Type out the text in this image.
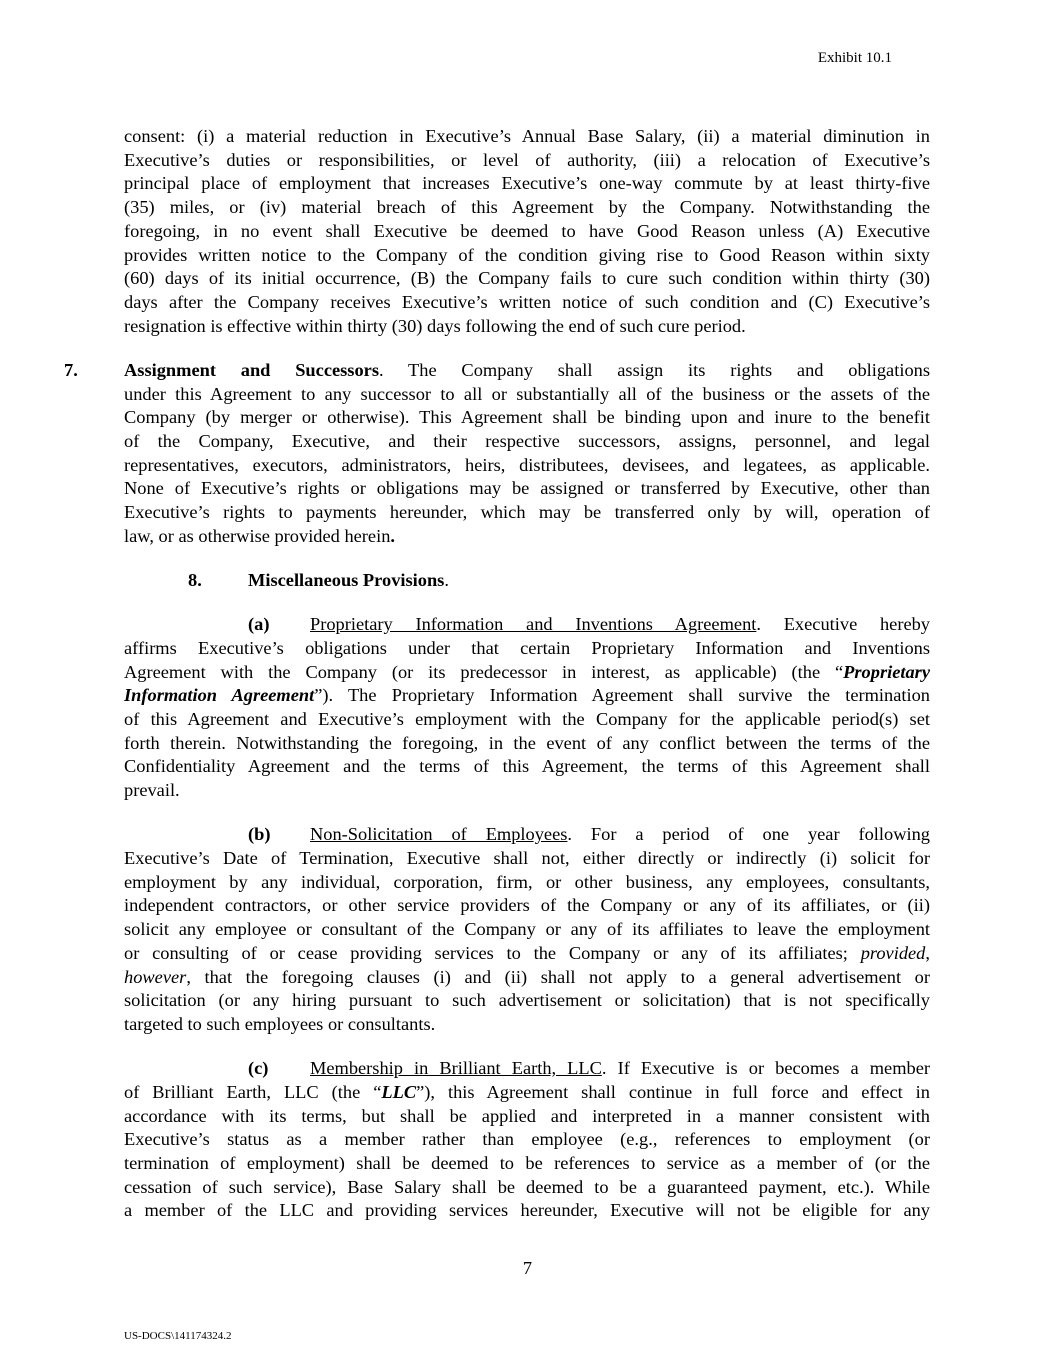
Exhibit 10.1
consent: (i) a material reduction in Executive’s Annual Base Salary, (ii) a material diminution in
Executive’s duties or responsibilities, or level of authority, (iii) a relocation of Executive’s
principal place of employment that increases Executive’s one-way commute by at least thirty-five
(35) miles, or (iv) material breach of this Agreement by the Company. Notwithstanding the
foregoing, in no event shall Executive be deemed to have Good Reason unless (A) Executive
provides written notice to the Company of the condition giving rise to Good Reason within sixty
(60) days of its initial occurrence, (B) the Company fails to cure such condition within thirty (30)
days after the Company receives Executive’s written notice of such condition and (C) Executive’s
resignation is effective within thirty (30) days following the end of such cure period.
7.	Assignment and Successors. The Company shall assign its rights and obligations
under this Agreement to any successor to all or substantially all of the business or the assets of the
Company (by merger or otherwise). This Agreement shall be binding upon and inure to the benefit
of the Company, Executive, and their respective successors, assigns, personnel, and legal
representatives, executors, administrators, heirs, distributees, devisees, and legatees, as applicable.
None of Executive’s rights or obligations may be assigned or transferred by Executive, other than
Executive’s rights to payments hereunder, which may be transferred only by will, operation of
law, or as otherwise provided herein.
8.	Miscellaneous Provisions.
(a) Proprietary Information and Inventions Agreement. Executive hereby
affirms Executive’s obligations under that certain Proprietary Information and Inventions
Agreement with the Company (or its predecessor in interest, as applicable) (the “Proprietary
Information Agreement”). The Proprietary Information Agreement shall survive the termination
of this Agreement and Executive’s employment with the Company for the applicable period(s) set
forth therein. Notwithstanding the foregoing, in the event of any conflict between the terms of the
Confidentiality Agreement and the terms of this Agreement, the terms of this Agreement shall
prevail.
(b) Non-Solicitation of Employees. For a period of one year following
Executive’s Date of Termination, Executive shall not, either directly or indirectly (i) solicit for
employment by any individual, corporation, firm, or other business, any employees, consultants,
independent contractors, or other service providers of the Company or any of its affiliates, or (ii)
solicit any employee or consultant of the Company or any of its affiliates to leave the employment
or consulting of or cease providing services to the Company or any of its affiliates; provided,
however, that the foregoing clauses (i) and (ii) shall not apply to a general advertisement or
solicitation (or any hiring pursuant to such advertisement or solicitation) that is not specifically
targeted to such employees or consultants.
(c) Membership in Brilliant Earth, LLC. If Executive is or becomes a member
of Brilliant Earth, LLC (the “LLC”), this Agreement shall continue in full force and effect in
accordance with its terms, but shall be applied and interpreted in a manner consistent with
Executive’s status as a member rather than employee (e.g., references to employment (or
termination of employment) shall be deemed to be references to service as a member of (or the
cessation of such service), Base Salary shall be deemed to be a guaranteed payment, etc.). While
a member of the LLC and providing services hereunder, Executive will not be eligible for any
7
US-DOCS\141174324.2
